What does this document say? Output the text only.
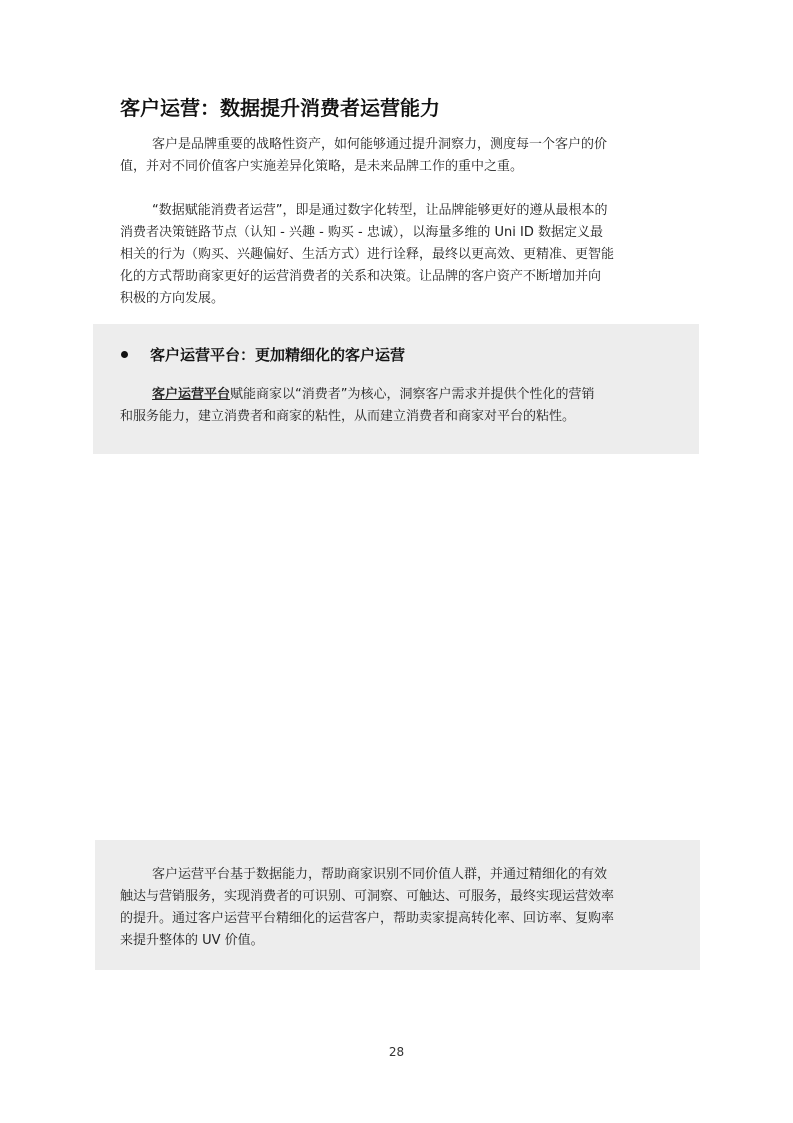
客户运营：数据提升消费者运营能力
客户是品牌重要的战略性资产，如何能够通过提升洞察力，测度每一个客户的价
值，并对不同价值客户实施差异化策略，是未来品牌工作的重中之重。
“数据赋能消费者运营”，即是通过数字化转型，让品牌能够更好的遵从最根本的
消费者决策链路节点（认知 - 兴趣 - 购买 - 忠诚），以海量多维的 Uni ID 数据定义最
相关的行为（购买、兴趣偏好、生活方式）进行诠释，最终以更高效、更精准、更智能
化的方式帮助商家更好的运营消费者的关系和决策。让品牌的客户资产不断增加并向
积极的方向发展。
客户运营平台：更加精细化的客户运营
客户运营平台赋能商家以“消费者”为核心，洞察客户需求并提供个性化的营销
和服务能力，建立消费者和商家的粘性，从而建立消费者和商家对平台的粘性。
客户运营平台基于数据能力，帮助商家识别不同价值人群，并通过精细化的有效
触达与营销服务，实现消费者的可识别、可洞察、可触达、可服务，最终实现运营效率
的提升。通过客户运营平台精细化的运营客户，帮助卖家提高转化率、回访率、复购率
来提升整体的 UV 价值。
28
